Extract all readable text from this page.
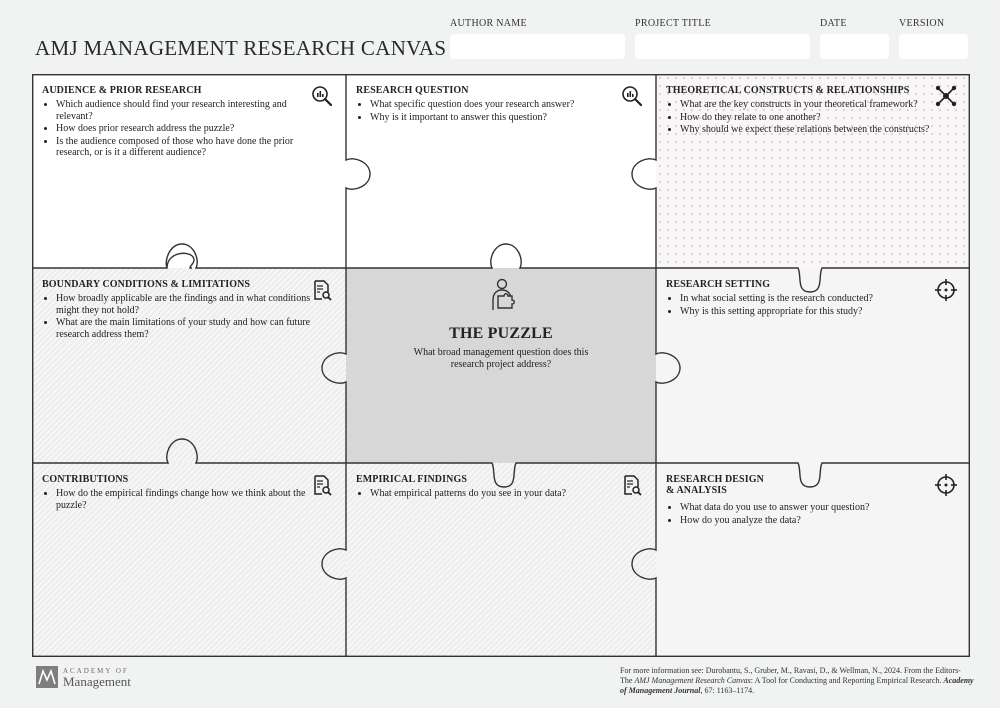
AMJ MANAGEMENT RESEARCH CANVAS
AUTHOR NAME	PROJECT TITLE	DATE	VERSION
AUDIENCE & PRIOR RESEARCH
• Which audience should find your research interesting and relevant?
• How does prior research address the puzzle?
• Is the audience composed of those who have done the prior research, or is it a different audience?
RESEARCH QUESTION
• What specific question does your research answer?
• Why is it important to answer this question?
THEORETICAL CONSTRUCTS & RELATIONSHIPS
• What are the key constructs in your theoretical framework?
• How do they relate to one another?
• Why should we expect these relations between the constructs?
BOUNDARY CONDITIONS & LIMITATIONS
• How broadly applicable are the findings and in what conditions might they not hold?
• What are the main limitations of your study and how can future research address them?
RESEARCH SETTING
• In what social setting is the research conducted?
• Why is this setting appropriate for this study?
CONTRIBUTIONS
• How do the empirical findings change how we think about the puzzle?
EMPIRICAL FINDINGS
• What empirical patterns do you see in your data?
RESEARCH DESIGN & ANALYSIS
• What data do you use to answer your question?
• How do you analyze the data?
THE PUZZLE
What broad management question does this research project address?
ACADEMY OF
Management
For more information see: Durobantu, S., Gruber, M., Ravasi, D., & Wellman, N., 2024. From the Editors- The AMJ Management Research Canvas: A Tool for Conducting and Reporting Empirical Research. Academy of Management Journal, 67: 1163–1174.
